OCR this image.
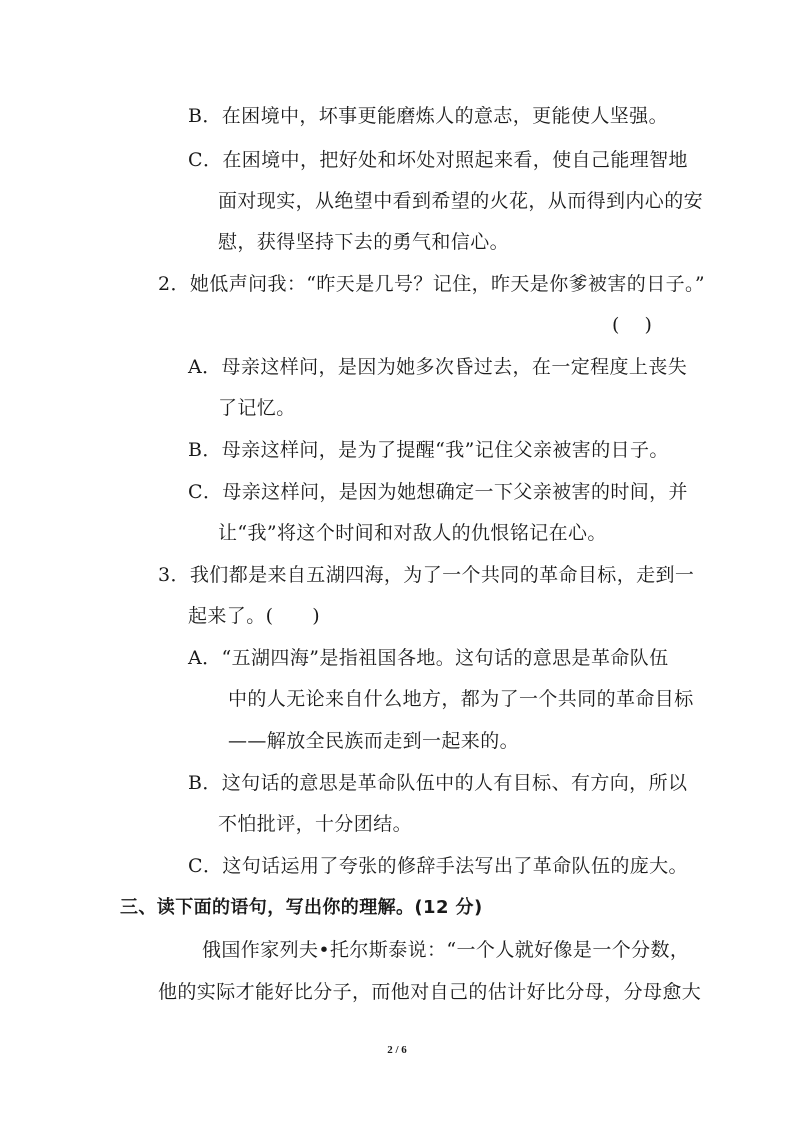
B．在困境中，坏事更能磨炼人的意志，更能使人坚强。
C．在困境中，把好处和坏处对照起来看，使自己能理智地
面对现实，从绝望中看到希望的火花，从而得到内心的安
慰，获得坚持下去的勇气和信心。
2．她低声问我：“昨天是几号？记住，昨天是你爹被害的日子。”
(　 )
A．母亲这样问，是因为她多次昏过去，在一定程度上丧失
了记忆。
B．母亲这样问，是为了提醒“我”记住父亲被害的日子。
C．母亲这样问，是因为她想确定一下父亲被害的时间，并
让“我”将这个时间和对敌人的仇恨铭记在心。
3．我们都是来自五湖四海，为了一个共同的革命目标，走到一
起来了。(　　)
A．“五湖四海”是指祖国各地。这句话的意思是革命队伍
中的人无论来自什么地方，都为了一个共同的革命目标
——解放全民族而走到一起来的。
B．这句话的意思是革命队伍中的人有目标、有方向，所以
不怕批评，十分团结。
C．这句话运用了夸张的修辞手法写出了革命队伍的庞大。
三、读下面的语句，写出你的理解。(12 分)
俄国作家列夫•托尔斯泰说：“一个人就好像是一个分数，
他的实际才能好比分子，而他对自己的估计好比分母，分母愈大
2 / 6
